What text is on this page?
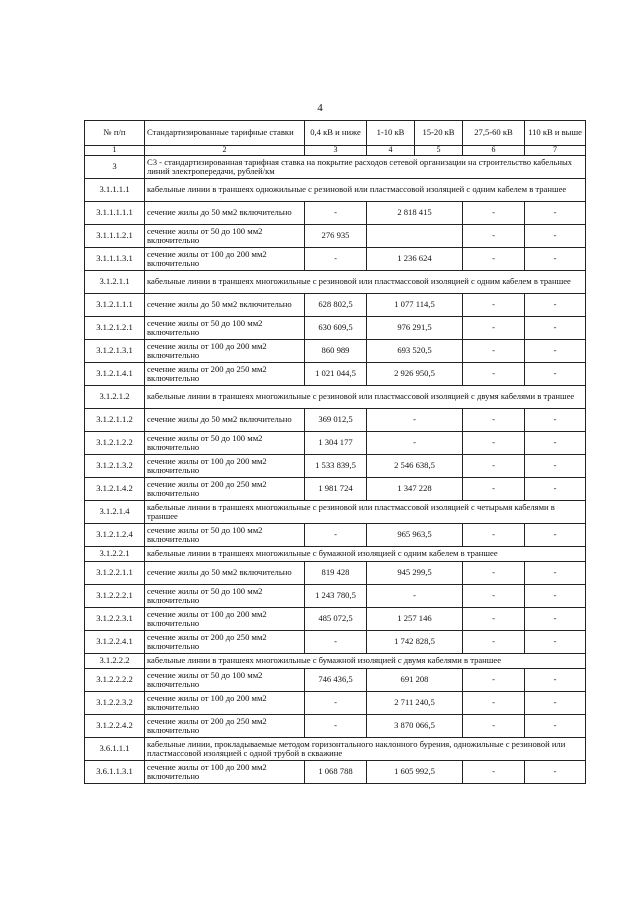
4
№ п/п	Стандартизированные тарифные ставки	0,4 кВ и ниже	1-10 кВ	15-20 кВ	27,5-60 кВ	110 кВ и выше
1	2	3	4	5	6	7
3	С3 - стандартизированная тарифная ставка на покрытие расходов сетевой организации на строительство кабельных линий электропередачи, рублей/км					
3.1.1.1.1	кабельные линии в траншеях одножильные с резиновой или пластмассовой изоляцией с одним кабелем в траншее					
3.1.1.1.1.1	сечение жилы до 50 мм2 включительно	-	2 818 415		-	-
3.1.1.1.2.1	сечение жилы от 50 до 100 мм2 включительно	276 935			-	-
3.1.1.1.3.1	сечение жилы от 100 до 200 мм2 включительно	-	1 236 624		-	-
3.1.2.1.1	кабельные линии в траншеях многожильные с резиновой или пластмассовой изоляцией с одним кабелем в траншее					
3.1.2.1.1.1	сечение жилы до 50 мм2 включительно	628 802,5	1 077 114,5		-	-
3.1.2.1.2.1	сечение жилы от 50 до 100 мм2 включительно	630 609,5	976 291,5		-	-
3.1.2.1.3.1	сечение жилы от 100 до 200 мм2 включительно	860 989	693 520,5		-	-
3.1.2.1.4.1	сечение жилы от 200 до 250 мм2 включительно	1 021 044,5	2 926 950,5		-	-
3.1.2.1.2	кабельные линии в траншеях многожильные с резиновой или пластмассовой изоляцией с двумя кабелями в траншее					
3.1.2.1.1.2	сечение жилы до 50 мм2 включительно	369 012,5	-		-	-
3.1.2.1.2.2	сечение жилы от 50 до 100 мм2 включительно	1 304 177	-		-	-
3.1.2.1.3.2	сечение жилы от 100 до 200 мм2 включительно	1 533 839,5	2 546 638,5		-	-
3.1.2.1.4.2	сечение жилы от 200 до 250 мм2 включительно	1 981 724	1 347 228		-	-
3.1.2.1.4	кабельные линии в траншеях многожильные с резиновой или пластмассовой изоляцией с четырьмя кабелями в траншее					
3.1.2.1.2.4	сечение жилы от 50 до 100 мм2 включительно	-	965 963,5		-	-
3.1.2.2.1	кабельные линии в траншеях многожильные с бумажной изоляцией с одним кабелем в траншее					
3.1.2.2.1.1	сечение жилы до 50 мм2 включительно	819 428	945 299,5		-	-
3.1.2.2.2.1	сечение жилы от 50 до 100 мм2 включительно	1 243 780,5	-		-	-
3.1.2.2.3.1	сечение жилы от 100 до 200 мм2 включительно	485 072,5	1 257 146		-	-
3.1.2.2.4.1	сечение жилы от 200 до 250 мм2 включительно	-	1 742 828,5		-	-
3.1.2.2.2	кабельные линии в траншеях многожильные с бумажной изоляцией с двумя кабелями в траншее					
3.1.2.2.2.2	сечение жилы от 50 до 100 мм2 включительно	746 436,5	691 208		-	-
3.1.2.2.3.2	сечение жилы от 100 до 200 мм2 включительно	-	2 711 240,5		-	-
3.1.2.2.4.2	сечение жилы от 200 до 250 мм2 включительно	-	3 870 066,5		-	-
3.6.1.1.1	кабельные линии, прокладываемые методом горизонтального наклонного бурения, одножильные с резиновой или пластмассовой изоляцией с одной трубой в скважине					
3.6.1.1.3.1	сечение жилы от 100 до 200 мм2 включительно	1 068 788	1 605 992,5		-	-
